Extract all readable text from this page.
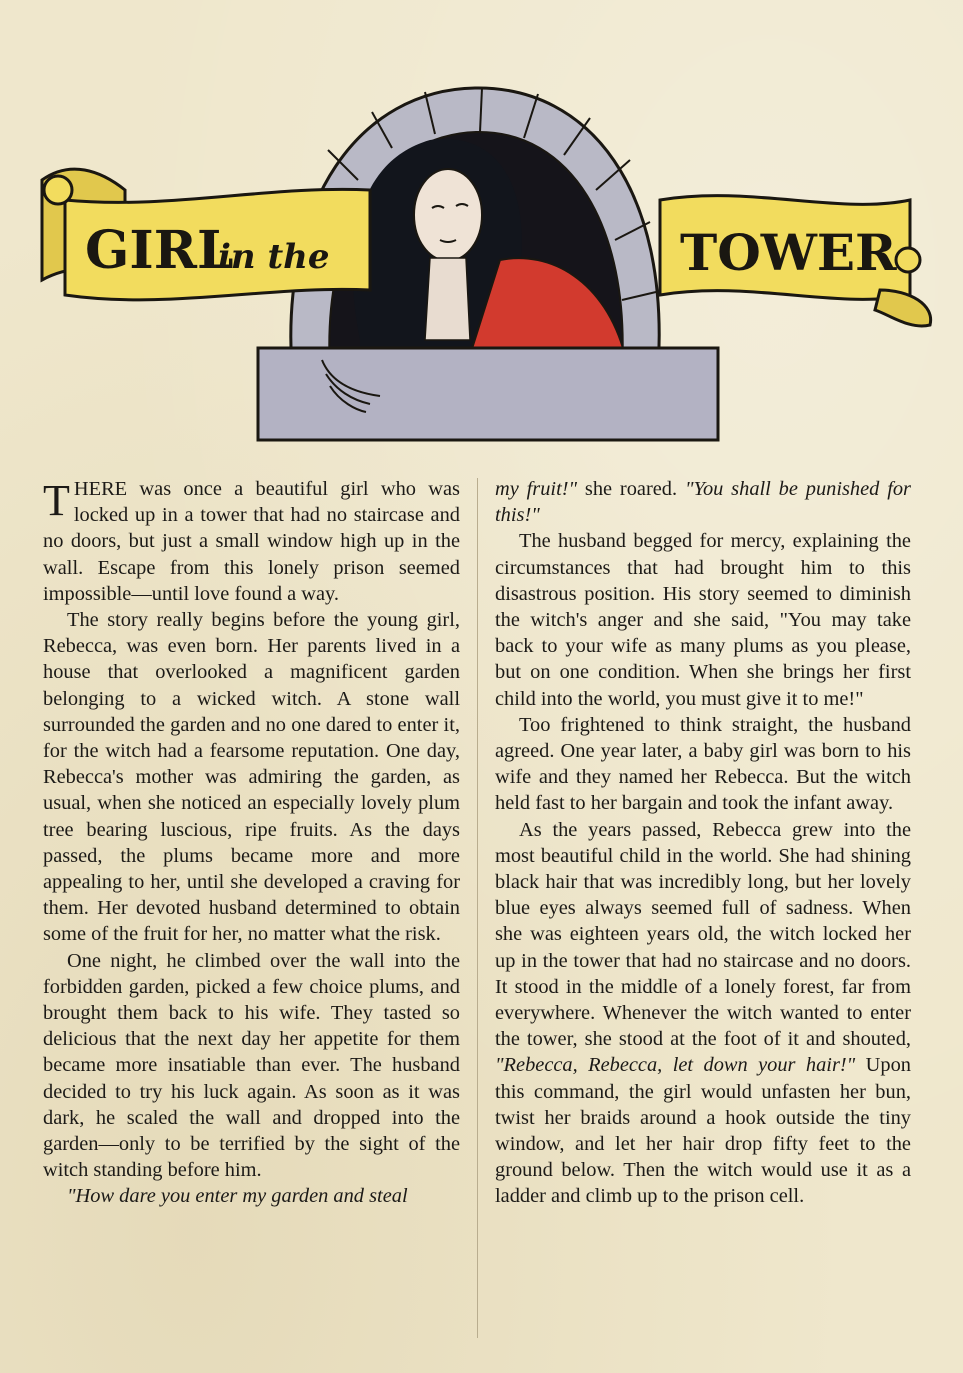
GIRL
in the	TOWER

THERE was once a beautiful girl who was locked up in a tower that had no staircase and no doors, but just a small window high up in the wall. Escape from this lonely prison seemed impossible—until love found a way.

The story really begins before the young girl, Rebecca, was even born. Her parents lived in a house that overlooked a magnificent garden belonging to a wicked witch. A stone wall surrounded the garden and no one dared to enter it, for the witch had a fearsome reputation. One day, Rebecca's mother was admiring the garden, as usual, when she noticed an especially lovely plum tree bearing luscious, ripe fruits. As the days passed, the plums became more and more appealing to her, until she developed a craving for them. Her devoted husband determined to obtain some of the fruit for her, no matter what the risk.

One night, he climbed over the wall into the forbidden garden, picked a few choice plums, and brought them back to his wife. They tasted so delicious that the next day her appetite for them became more insatiable than ever. The husband decided to try his luck again. As soon as it was dark, he scaled the wall and dropped into the garden—only to be terrified by the sight of the witch standing before him.

"How dare you enter my garden and steal

my fruit!" she roared. "You shall be punished for this!"

The husband begged for mercy, explaining the circumstances that had brought him to this disastrous position. His story seemed to diminish the witch's anger and she said, "You may take back to your wife as many plums as you please, but on one condition. When she brings her first child into the world, you must give it to me!"

Too frightened to think straight, the husband agreed. One year later, a baby girl was born to his wife and they named her Rebecca. But the witch held fast to her bargain and took the infant away.

As the years passed, Rebecca grew into the most beautiful child in the world. She had shining black hair that was incredibly long, but her lovely blue eyes always seemed full of sadness. When she was eighteen years old, the witch locked her up in the tower that had no staircase and no doors. It stood in the middle of a lonely forest, far from everywhere. Whenever the witch wanted to enter the tower, she stood at the foot of it and shouted, "Rebecca, Rebecca, let down your hair!" Upon this command, the girl would unfasten her bun, twist her braids around a hook outside the tiny window, and let her hair drop fifty feet to the ground below. Then the witch would use it as a ladder and climb up to the prison cell.
